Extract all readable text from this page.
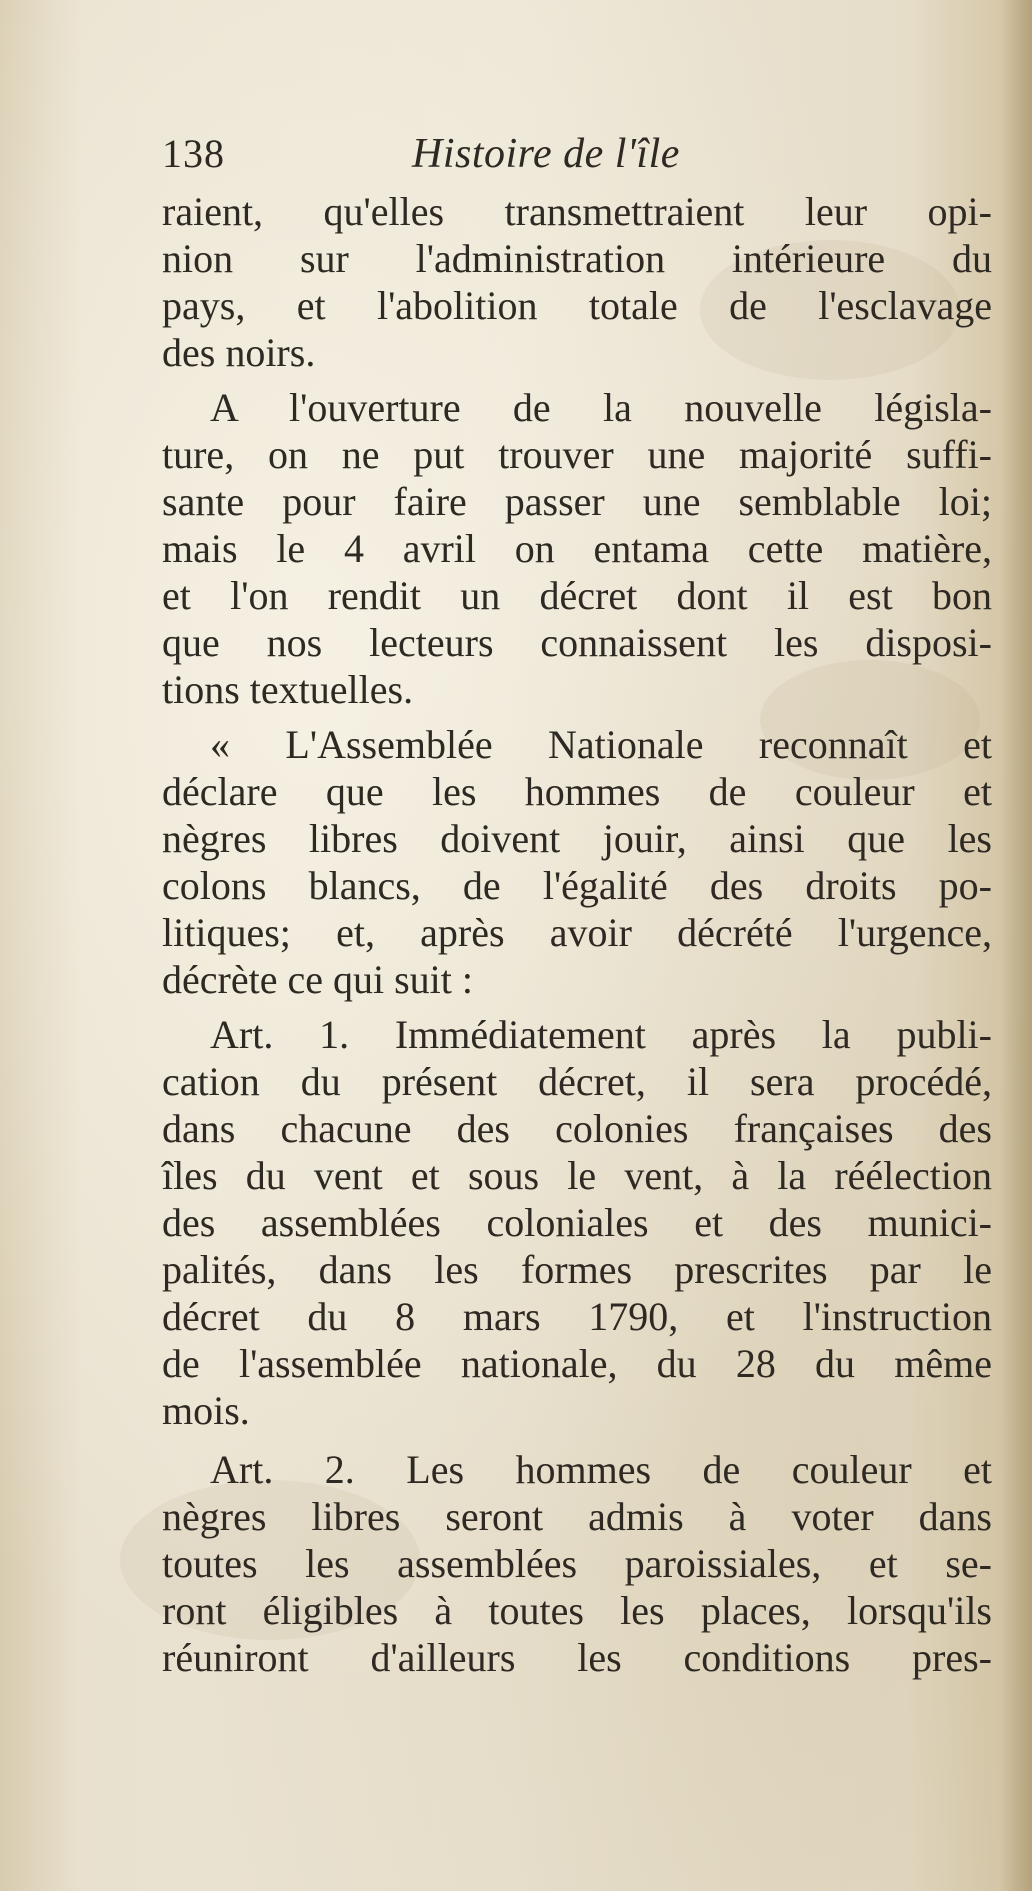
138	Histoire de l'île
raient, qu'elles transmettraient leur opi-
nion sur l'administration intérieure du
pays, et l'abolition totale de l'esclavage
des noirs.
A l'ouverture de la nouvelle législa-
ture, on ne put trouver une majorité suffi-
sante pour faire passer une semblable loi;
mais le 4 avril on entama cette matière,
et l'on rendit un décret dont il est bon
que nos lecteurs connaissent les disposi-
tions textuelles.
« L'Assemblée Nationale reconnaît et
déclare que les hommes de couleur et
nègres libres doivent jouir, ainsi que les
colons blancs, de l'égalité des droits po-
litiques; et, après avoir décrété l'urgence,
décrète ce qui suit :
Art. 1. Immédiatement après la publi-
cation du présent décret, il sera procédé,
dans chacune des colonies françaises des
îles du vent et sous le vent, à la réélection
des assemblées coloniales et des munici-
palités, dans les formes prescrites par le
décret du 8 mars 1790, et l'instruction
de l'assemblée nationale, du 28 du même
mois.
Art. 2. Les hommes de couleur et
nègres libres seront admis à voter dans
toutes les assemblées paroissiales, et se-
ront éligibles à toutes les places, lorsqu'ils
réuniront d'ailleurs les conditions pres-
